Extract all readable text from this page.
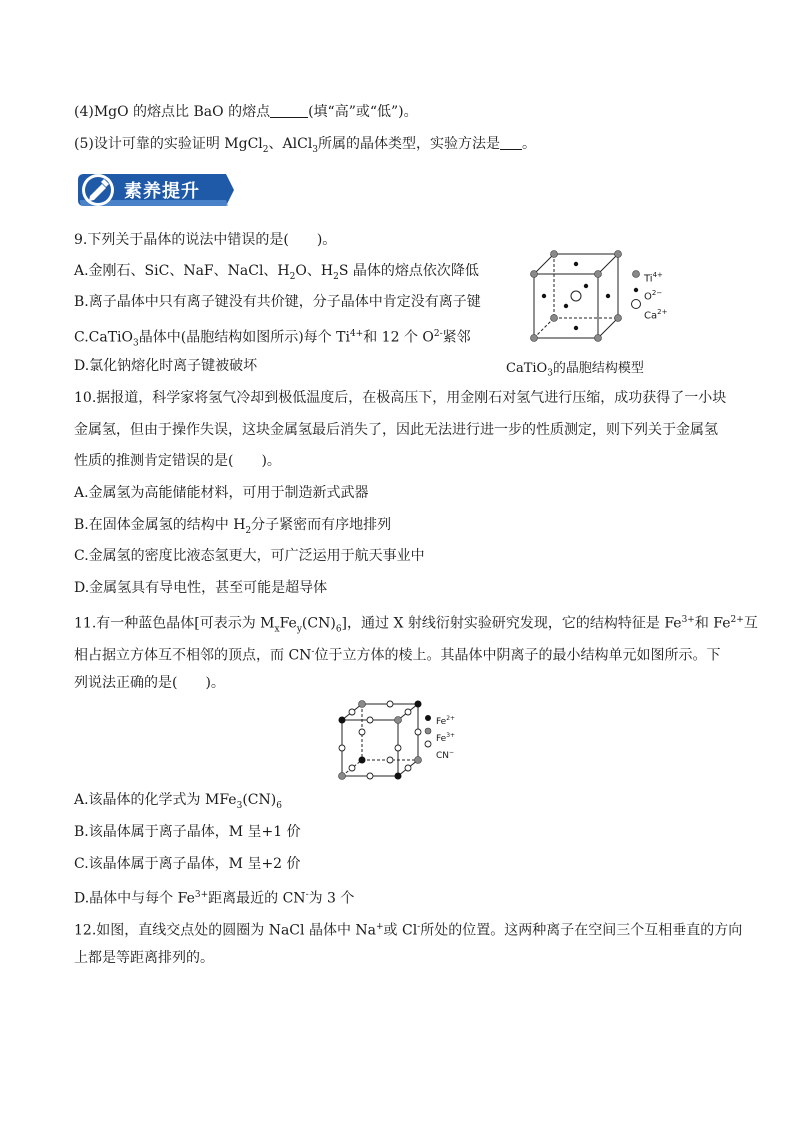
(4)MgO 的熔点比 BaO 的熔点	(填“高”或“低”)。
(5)设计可靠的实验证明 MgCl$_2$、AlCl$_3$所属的晶体类型，实验方法是 。
素养提升
9.下列关于晶体的说法中错误的是(　　)。
A.金刚石、SiC、NaF、NaCl、$H_2O$、$H_2S$ 晶体的熔点依次降低
B.离子晶体中只有离子键没有共价键，分子晶体中肯定没有离子键
C.CaTiO$_3$晶体中(晶胞结构如图所示)每个 $Ti^{4+}$和 12 个 $O^{2-}$紧邻
D.氯化钠熔化时离子键被破坏
$Ti^{4+}$
$O^{2-}$
$Ca^{2+}$
CaTiO$_3$的晶胞结构模型
10.据报道，科学家将氢气冷却到极低温度后，在极高压下，用金刚石对氢气进行压缩，成功获得了一小块
金属氢，但由于操作失误，这块金属氢最后消失了，因此无法进行进一步的性质测定，则下列关于金属氢
性质的推测肯定错误的是(　　)。
A.金属氢为高能储能材料，可用于制造新式武器
B.在固体金属氢的结构中 $H_2$分子紧密而有序地排列
C.金属氢的密度比液态氢更大，可广泛运用于航天事业中
D.金属氢具有导电性，甚至可能是超导体
11.有一种蓝色晶体[可表示为 $M_xFe_y(CN)_6$]，通过 X 射线衍射实验研究发现，它的结构特征是 $Fe^{3+}$和 $Fe^{2+}$互
相占据立方体互不相邻的顶点，而 CN-位于立方体的棱上。其晶体中阴离子的最小结构单元如图所示。下
列说法正确的是(　　)。
$Fe^{2+}$
$Fe^{3+}$
CN−
A.该晶体的化学式为 $MFe_3(CN)_6$
B.该晶体属于离子晶体，M 呈+1 价
C.该晶体属于离子晶体，M 呈+2 价
D.晶体中与每个 $Fe^{3+}$距离最近的 CN-为 3 个
12.如图，直线交点处的圆圈为 NaCl 晶体中 Na+或 Cl-所处的位置。这两种离子在空间三个互相垂直的方向
上都是等距离排列的。
